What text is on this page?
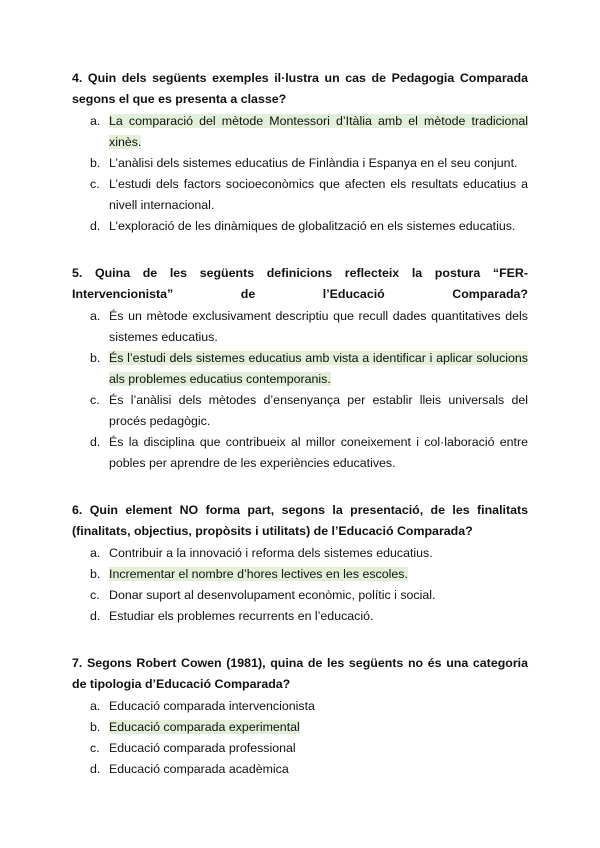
4. Quin dels següents exemples il·lustra un cas de Pedagogia Comparada segons el que es presenta a classe?

a. La comparació del mètode Montessori d’Itàlia amb el mètode tradicional xinès.
b. L’anàlisi dels sistemes educatius de Finlàndia i Espanya en el seu conjunt.
c. L’estudi dels factors socioeconòmics que afecten els resultats educatius a nivell internacional.
d. L’exploració de les dinàmiques de globalització en els sistemes educatius.

5. Quina de les següents definicions reflecteix la postura “FER-Intervencionista” de l’Educació Comparada?

a. És un mètode exclusivament descriptiu que recull dades quantitatives dels sistemes educatius.
b. És l’estudi dels sistemes educatius amb vista a identificar i aplicar solucions als problemes educatius contemporanis.
c. És l’anàlisi dels mètodes d’ensenyança per establir lleis universals del procés pedagògic.
d. És la disciplina que contribueix al millor coneixement i col·laboració entre pobles per aprendre de les experiències educatives.

6. Quin element NO forma part, segons la presentació, de les finalitats (finalitats, objectius, propòsits i utilitats) de l’Educació Comparada?

a. Contribuir a la innovació i reforma dels sistemes educatius.
b. Incrementar el nombre d’hores lectives en les escoles.
c. Donar suport al desenvolupament econòmic, polític i social.
d. Estudiar els problemes recurrents en l’educació.

7. Segons Robert Cowen (1981), quina de les següents no és una categoria de tipologia d’Educació Comparada?

a. Educació comparada intervencionista
b. Educació comparada experimental
c. Educació comparada professional
d. Educació comparada acadèmica
